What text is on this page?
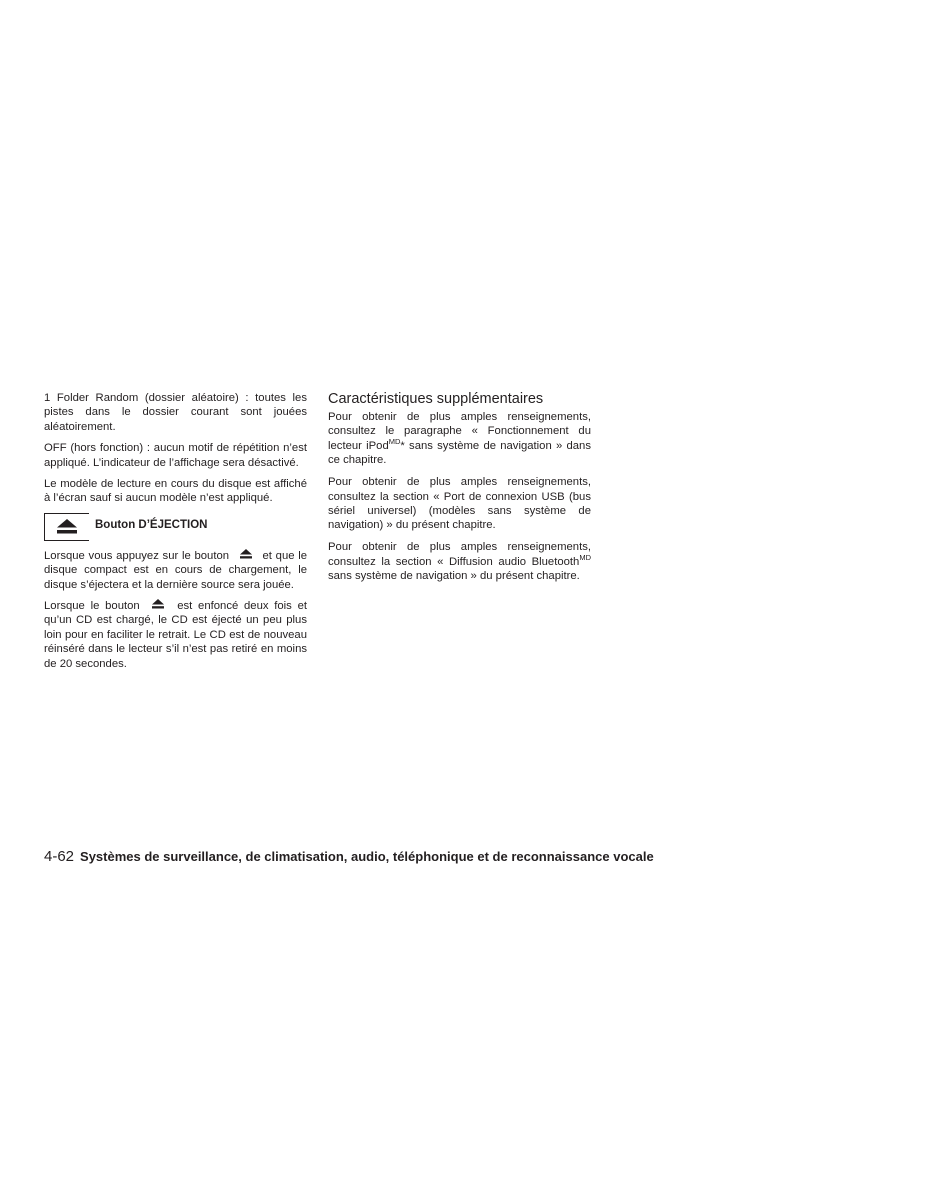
1 Folder Random (dossier aléatoire) : toutes les pistes dans le dossier courant sont jouées aléatoirement.

OFF (hors fonction) : aucun motif de répétition n’est appliqué. L’indicateur de l’affichage sera désactivé.

Le modèle de lecture en cours du disque est affiché à l’écran sauf si aucun modèle n’est appliqué.

Bouton D’ÉJECTION

Lorsque vous appuyez sur le bouton	et que le disque compact est en cours de chargement, le disque s’éjectera et la dernière source sera jouée.

Lorsque le bouton	est enfoncé deux fois et qu’un CD est chargé, le CD est éjecté un peu plus loin pour en faciliter le retrait. Le CD est de nouveau réinséré dans le lecteur s’il n’est pas retiré en moins de 20 secondes.

Caractéristiques supplémentaires

Pour obtenir de plus amples renseignements, consultez le paragraphe « Fonctionnement du lecteur iPod$^{MD}$* sans système de navigation » dans ce chapitre.

Pour obtenir de plus amples renseignements, consultez la section « Port de connexion USB (bus sériel universel) (modèles sans système de navigation) » du présent chapitre.

Pour obtenir de plus amples renseignements, consultez la section « Diffusion audio Bluetooth$^{MD}$ sans système de navigation » du présent chapitre.

4-62 Systèmes de surveillance, de climatisation, audio, téléphonique et de reconnaissance vocale
